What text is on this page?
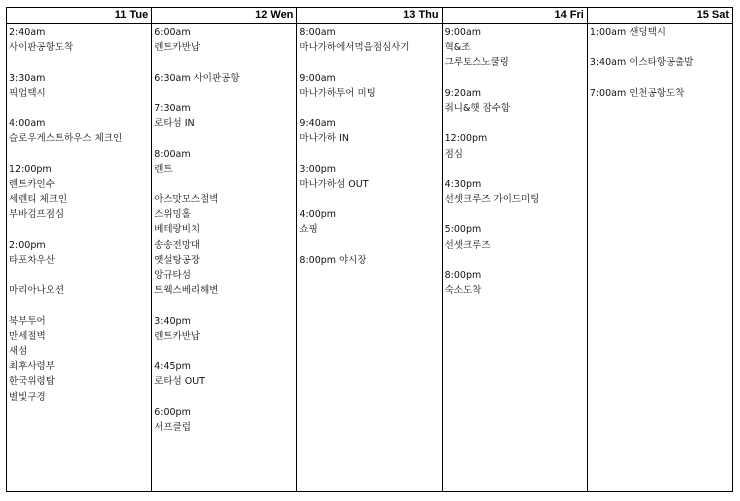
11 Tue
2:40am
사이판공항도착
3:30am
픽업택시
4:00am
슬로우게스트하우스 체크인
12:00pm
렌트카인수
세렌티 체크인
부바검프점심
2:00pm
타포차우산
마리아나오션
북부투어
만세절벽
새섬
최후사령부
한국위령탑
별빛구경
12 Wen
6:00am
렌트카반납
6:30am 사이판공항
7:30am
로타섬 IN
8:00am
렌트
아스맛모스절벽
스위밍홀
베테랑비치
송송전망대
옛설탕공장
앙규타섬
트웩스베리해변
3:40pm
렌트카반납
4:45pm
로타섬 OUT
6:00pm
서프클럽
13 Thu
8:00am
마나가하에서먹을점심사기
9:00am
마나가하투어 미팅
9:40am
마나가하 IN
3:00pm
마나가하섬 OUT
4:00pm
쇼핑
8:00pm 야시장
14 Fri
9:00am
혁&조
그루토스노쿨링
9:20am
줘니&햇 잠수함
12:00pm
점심
4:30pm
선셋크루즈 가이드미팅
5:00pm
선셋크루즈
8:00pm
숙소도착
15 Sat
1:00am 샌딩택시
3:40am 이스타항공출발
7:00am 인천공항도착
